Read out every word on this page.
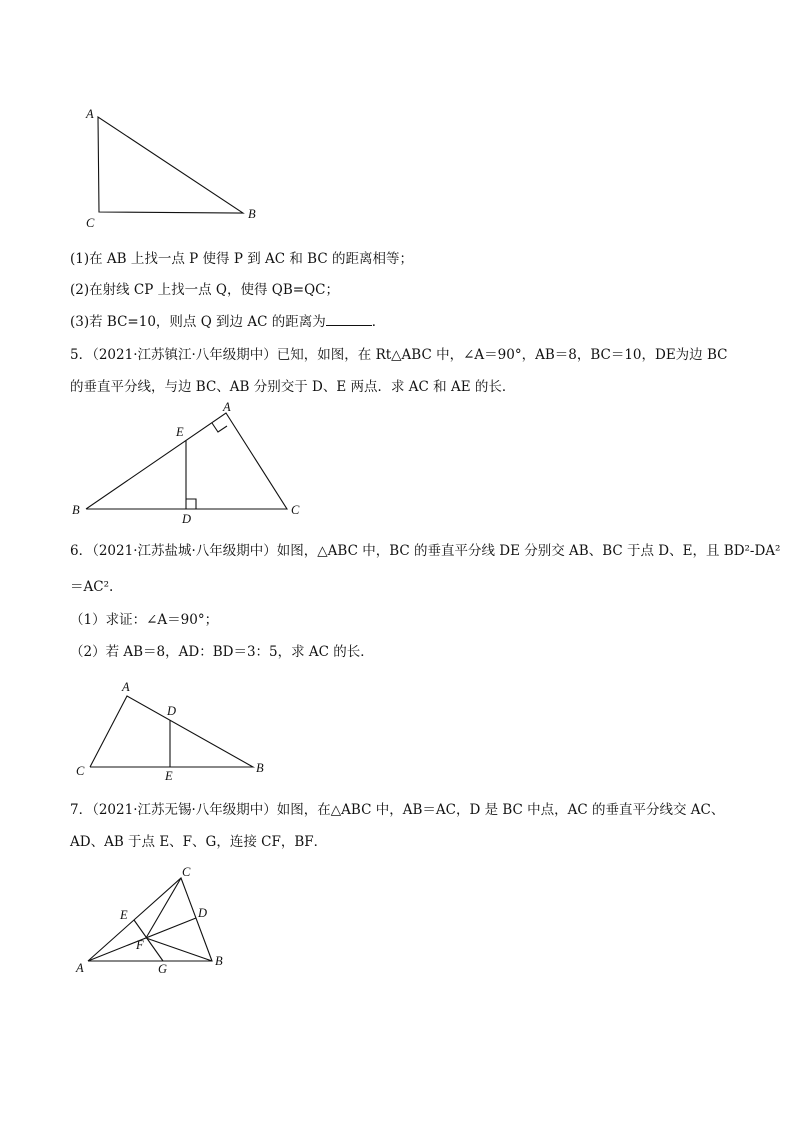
A
C
B
A
E
B
D
C
A
D
C	E
B
C
E	D
F
A	G
B
(1)在 AB 上找一点 P 使得 P 到 AC 和 BC 的距离相等；
(2)在射线 CP 上找一点 Q，使得 QB=QC；
(3)若 BC=10，则点 Q 到边 AC 的距离为	．
5．（2021·江苏镇江·八年级期中）已知，如图，在 Rt△ABC 中，∠A＝90°，AB＝8，BC＝10，DE为边 BC
的垂直平分线，与边 BC、AB 分别交于 D、E 两点．求 AC 和 AE 的长．
6．（2021·江苏盐城·八年级期中）如图，△ABC 中，BC 的垂直平分线 DE 分别交 AB、BC 于点 D、E，且 BD²-DA²
＝AC².
（1）求证：∠A＝90°；
（2）若 AB＝8，AD：BD＝3：5，求 AC 的长．
7．（2021·江苏无锡·八年级期中）如图，在△ABC 中，AB＝AC，D 是 BC 中点，AC 的垂直平分线交 AC、
AD、AB 于点 E、F、G，连接 CF，BF．
